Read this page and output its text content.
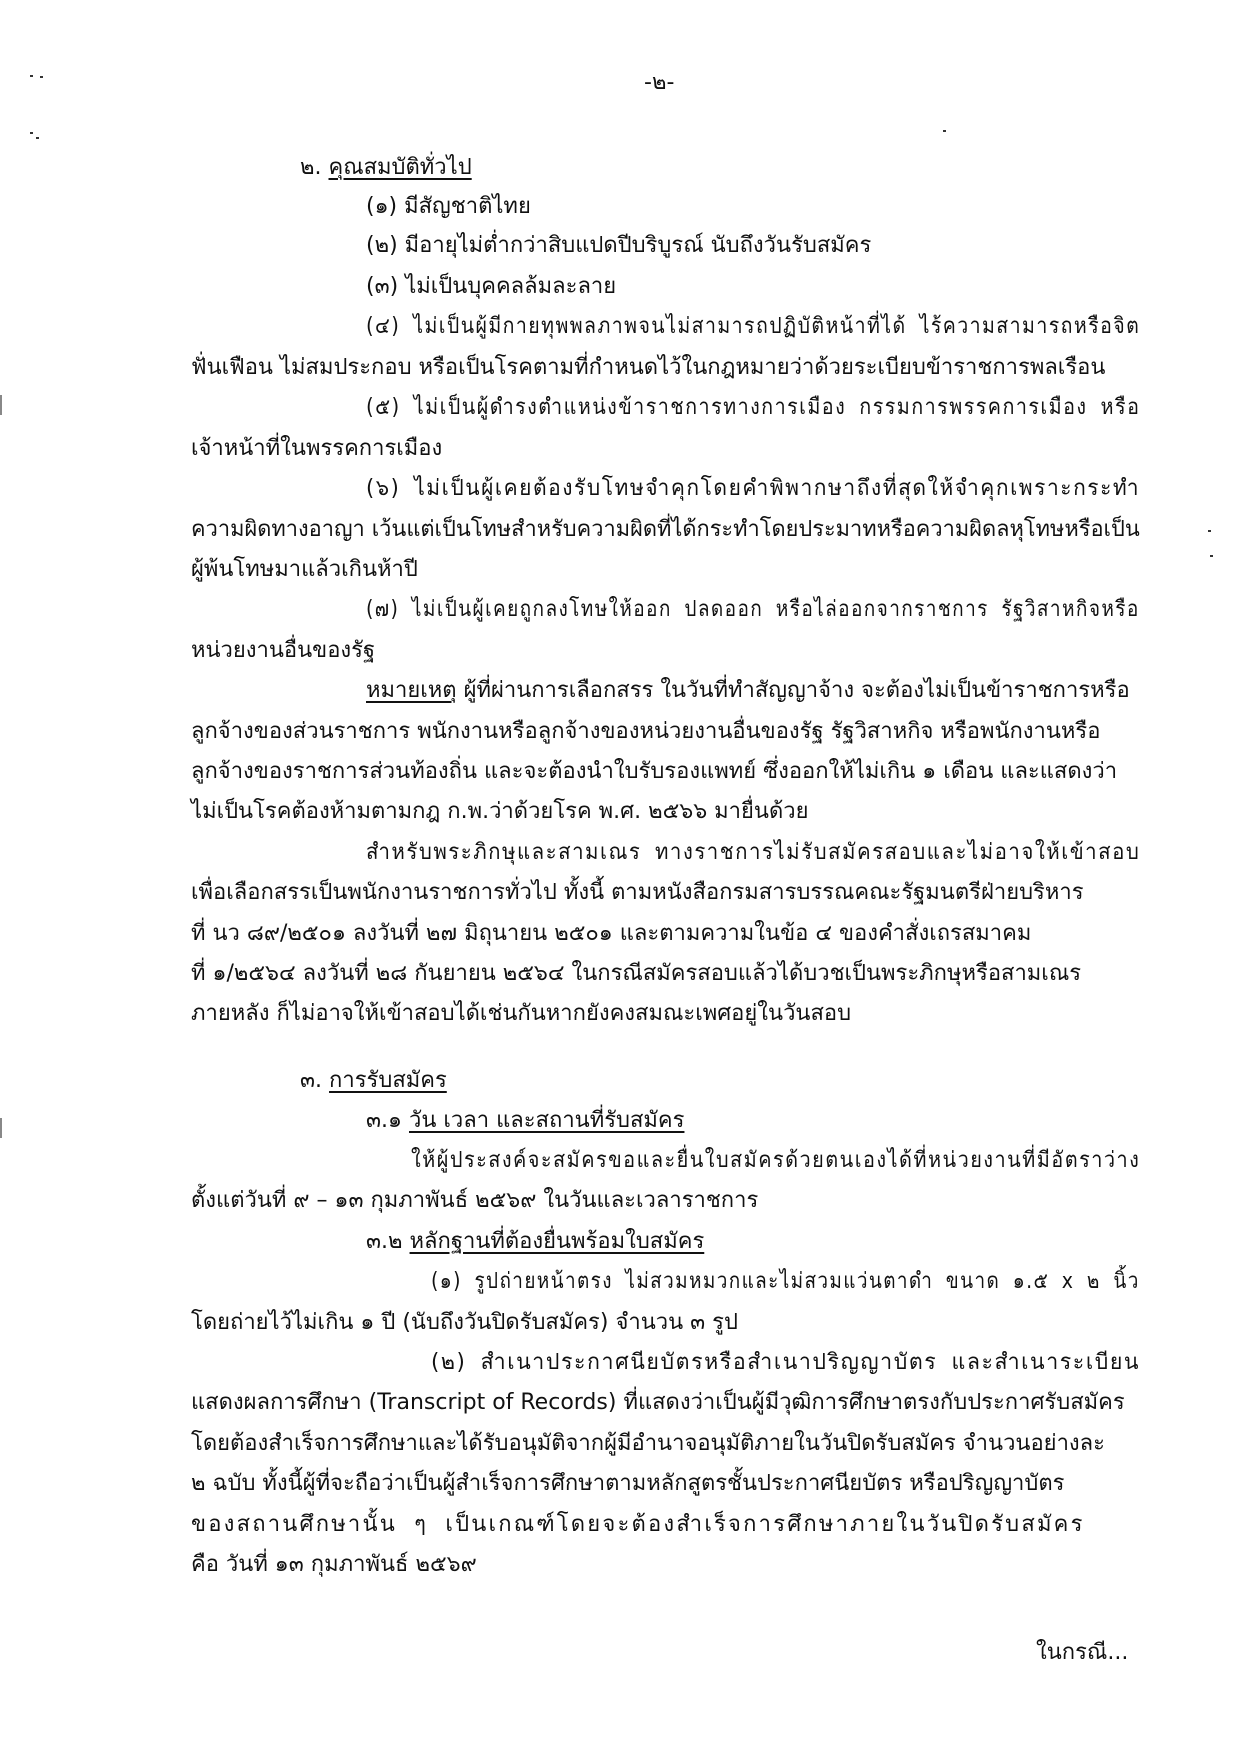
-๒-
๒. คุณสมบัติทั่วไป
(๑) มีสัญชาติไทย
(๒) มีอายุไม่ต่ำกว่าสิบแปดปีบริบูรณ์ นับถึงวันรับสมัคร
(๓) ไม่เป็นบุคคลล้มละลาย
(๔) ไม่เป็นผู้มีกายทุพพลภาพจนไม่สามารถปฏิบัติหน้าที่ได้ ไร้ความสามารถหรือจิต
ฟั่นเฟือน ไม่สมประกอบ หรือเป็นโรคตามที่กำหนดไว้ในกฎหมายว่าด้วยระเบียบข้าราชการพลเรือน
(๕) ไม่เป็นผู้ดำรงตำแหน่งข้าราชการทางการเมือง กรรมการพรรคการเมือง หรือ
เจ้าหน้าที่ในพรรคการเมือง
(๖) ไม่เป็นผู้เคยต้องรับโทษจำคุกโดยคำพิพากษาถึงที่สุดให้จำคุกเพราะกระทำ
ความผิดทางอาญา เว้นแต่เป็นโทษสำหรับความผิดที่ได้กระทำโดยประมาทหรือความผิดลหุโทษหรือเป็น
ผู้พ้นโทษมาแล้วเกินห้าปี
(๗) ไม่เป็นผู้เคยถูกลงโทษให้ออก ปลดออก หรือไล่ออกจากราชการ รัฐวิสาหกิจหรือ
หน่วยงานอื่นของรัฐ
หมายเหตุ ผู้ที่ผ่านการเลือกสรร ในวันที่ทำสัญญาจ้าง จะต้องไม่เป็นข้าราชการหรือ
ลูกจ้างของส่วนราชการ พนักงานหรือลูกจ้างของหน่วยงานอื่นของรัฐ รัฐวิสาหกิจ หรือพนักงานหรือ
ลูกจ้างของราชการส่วนท้องถิ่น และจะต้องนำใบรับรองแพทย์ ซึ่งออกให้ไม่เกิน ๑ เดือน และแสดงว่า
ไม่เป็นโรคต้องห้ามตามกฎ ก.พ.ว่าด้วยโรค พ.ศ. ๒๕๖๖ มายื่นด้วย
สำหรับพระภิกษุและสามเณร ทางราชการไม่รับสมัครสอบและไม่อาจให้เข้าสอบ
เพื่อเลือกสรรเป็นพนักงานราชการทั่วไป ทั้งนี้ ตามหนังสือกรมสารบรรณคณะรัฐมนตรีฝ่ายบริหาร
ที่ นว ๘๙/๒๕๐๑ ลงวันที่ ๒๗ มิถุนายน ๒๕๐๑ และตามความในข้อ ๔ ของคำสั่งเถรสมาคม
ที่ ๑/๒๕๖๔ ลงวันที่ ๒๘ กันยายน ๒๕๖๔ ในกรณีสมัครสอบแล้วได้บวชเป็นพระภิกษุหรือสามเณร
ภายหลัง ก็ไม่อาจให้เข้าสอบได้เช่นกันหากยังคงสมณะเพศอยู่ในวันสอบ
๓. การรับสมัคร
๓.๑ วัน เวลา และสถานที่รับสมัคร
ให้ผู้ประสงค์จะสมัครขอและยื่นใบสมัครด้วยตนเองได้ที่หน่วยงานที่มีอัตราว่าง
ตั้งแต่วันที่ ๙ – ๑๓ กุมภาพันธ์ ๒๕๖๙ ในวันและเวลาราชการ
๓.๒ หลักฐานที่ต้องยื่นพร้อมใบสมัคร
(๑) รูปถ่ายหน้าตรง ไม่สวมหมวกและไม่สวมแว่นตาดำ ขนาด ๑.๕ x ๒ นิ้ว
โดยถ่ายไว้ไม่เกิน ๑ ปี (นับถึงวันปิดรับสมัคร) จำนวน ๓ รูป
(๒) สำเนาประกาศนียบัตรหรือสำเนาปริญญาบัตร และสำเนาระเบียน
แสดงผลการศึกษา (Transcript of Records) ที่แสดงว่าเป็นผู้มีวุฒิการศึกษาตรงกับประกาศรับสมัคร
โดยต้องสำเร็จการศึกษาและได้รับอนุมัติจากผู้มีอำนาจอนุมัติภายในวันปิดรับสมัคร จำนวนอย่างละ
๒ ฉบับ ทั้งนี้ผู้ที่จะถือว่าเป็นผู้สำเร็จการศึกษาตามหลักสูตรชั้นประกาศนียบัตร หรือปริญญาบัตร
ของสถานศึกษานั้น ๆ เป็นเกณฑ์โดยจะต้องสำเร็จการศึกษาภายในวันปิดรับสมัคร
คือ วันที่ ๑๓ กุมภาพันธ์ ๒๕๖๙
ในกรณี...
